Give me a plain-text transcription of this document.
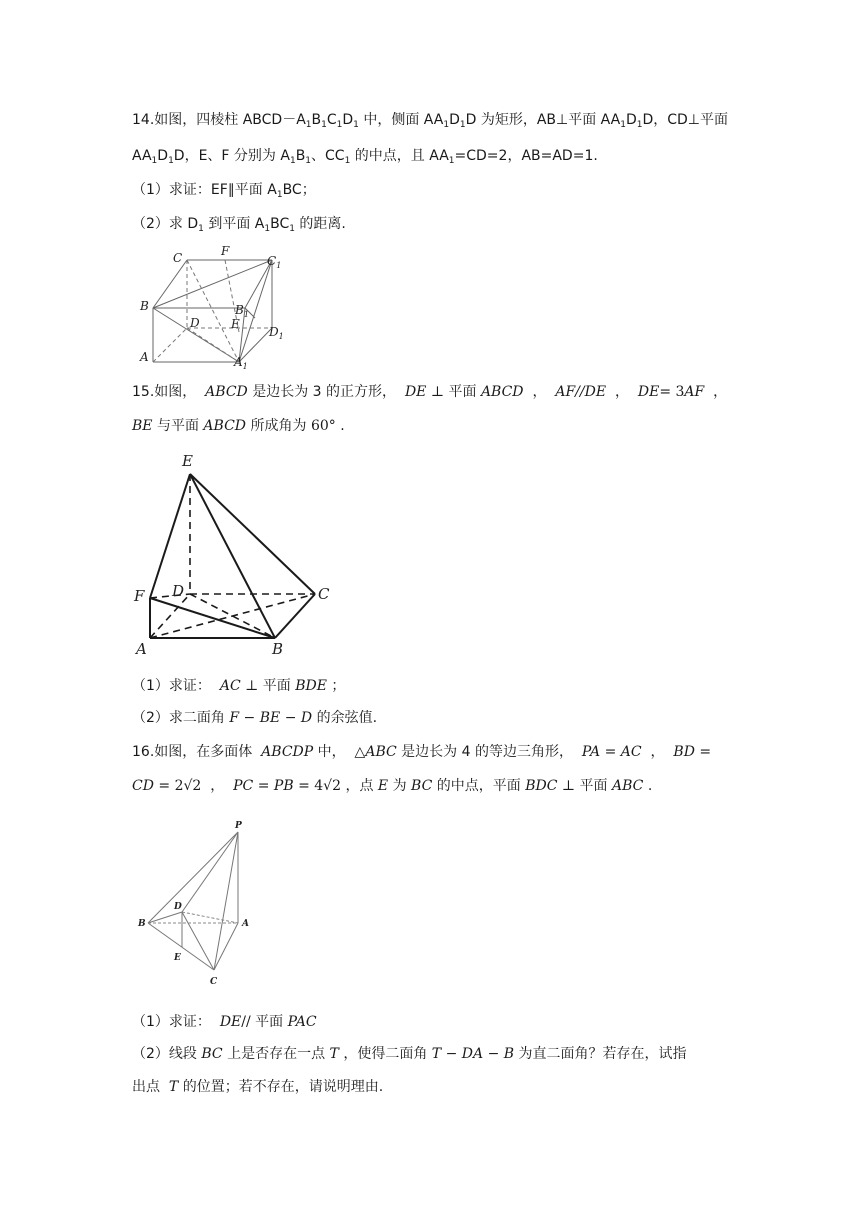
14.如图，四棱柱 $ABCD-A_1B_1C_1D_1$ 中，侧面 $AA_1D_1D$ 为矩形，AB⊥平面 $AA_1D_1D$，CD⊥平面
$AA_1D_1D$，E、F 分别为 $A_1B_1$、$CC_1$ 的中点，且 $AA_1=CD=2$，AB=AD=1.
（1）求证：EF∥平面 $A_1BC$；
（2）求 $D_1$ 到平面 $A_1BC_1$ 的距离.
C	F
$C_1$
B	$B_1$
D	E
$D_1$
A	$A_1$
15.如图， ABCD 是边长为 3 的正方形， DE ⊥ 平面 ABCD ， AF//DE ， DE= 3AF ，
BE 与平面 ABCD 所成角为 60° .
E
F D	C
A	B
（1）求证： AC ⊥ 平面 BDE ；
（2）求二面角 F − BE − D 的余弦值.
16.如图，在多面体 ABCDP 中， △ABC 是边长为 4 的等边三角形， PA = AC ， BD =
CD = 2√2 ， PC = PB = 4√2 ，点 E 为 BC 的中点，平面 BDC ⊥ 平面 ABC .
P
D
B	A
E
C
（1）求证： DE// 平面 PAC
（2）线段 BC 上是否存在一点 T ，使得二面角 T − DA − B 为直二面角？若存在，试指
出点 T 的位置；若不存在，请说明理由.
